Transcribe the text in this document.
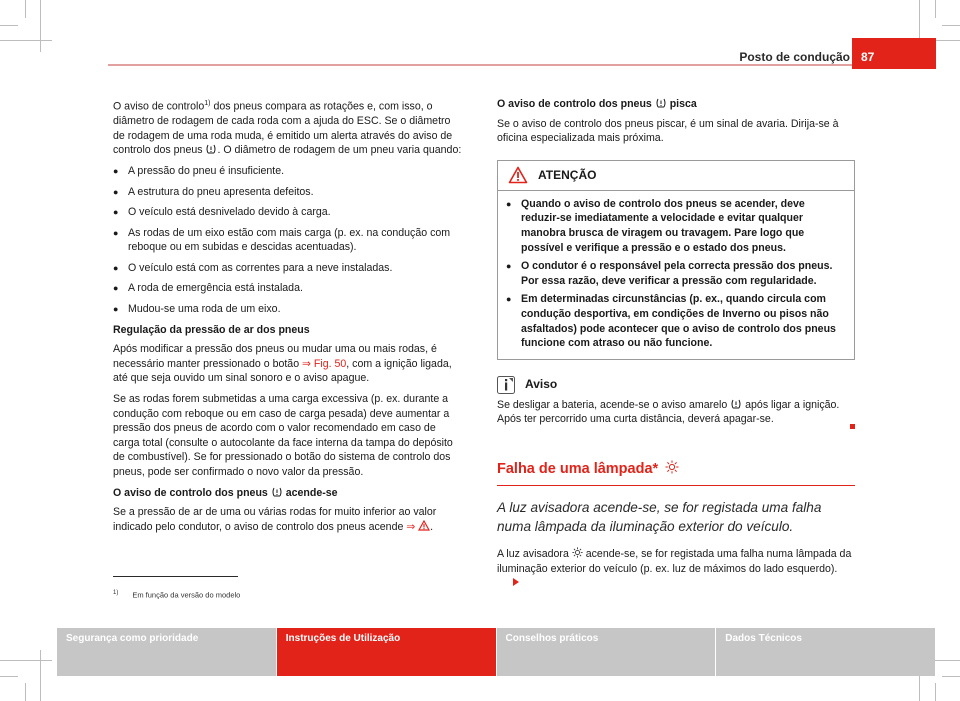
Posto de condução 87

O aviso de controlo$^{1)}$ dos pneus compara as rotações e, com isso, o diâmetro de rodagem de cada roda com a ajuda do ESC. Se o diâmetro de rodagem de uma roda muda, é emitido um alerta através do aviso de controlo dos pneus . O diâmetro de rodagem de um pneu varia quando:

● A pressão do pneu é insuficiente.
● A estrutura do pneu apresenta defeitos.
● O veículo está desnivelado devido à carga.
● As rodas de um eixo estão com mais carga (p. ex. na condução com reboque ou em subidas e descidas acentuadas).
● O veículo está com as correntes para a neve instaladas.
● A roda de emergência está instalada.
● Mudou-se uma roda de um eixo.
Regulação da pressão de ar dos pneus

Após modificar a pressão dos pneus ou mudar uma ou mais rodas, é necessário manter pressionado o botão ⇒ Fig. 50, com a ignição ligada, até que seja ouvido um sinal sonoro e o aviso apague.

Se as rodas forem submetidas a uma carga excessiva (p. ex. durante a condução com reboque ou em caso de carga pesada) deve aumentar a pressão dos pneus de acordo com o valor recomendado em caso de carga total (consulte o autocolante da face interna da tampa do depósito de combustível). Se for pressionado o botão do sistema de controlo dos pneus, pode ser confirmado o novo valor da pressão.

O aviso de controlo dos pneus  acende-se

Se a pressão de ar de uma ou várias rodas for muito inferior ao valor indicado pelo condutor, o aviso de controlo dos pneus acende ⇒ .

O aviso de controlo dos pneus  pisca

Se o aviso de controlo dos pneus piscar, é um sinal de avaria. Dirija-se à oficina especializada mais próxima.

ATENÇÃO
● Quando o aviso de controlo dos pneus se acender, deve reduzir-se imediatamente a velocidade e evitar qualquer manobra brusca de viragem ou travagem. Pare logo que possível e verifique a pressão e o estado dos pneus.
● O condutor é o responsável pela correcta pressão dos pneus. Por essa razão, deve verificar a pressão com regularidade.
● Em determinadas circunstâncias (p. ex., quando circula com condução desportiva, em condições de Inverno ou pisos não asfaltados) pode acontecer que o aviso de controlo dos pneus funcione com atraso ou não funcione.
Aviso

Se desligar a bateria, acende-se o aviso amarelo  após ligar a ignição. Após ter percorrido uma curta distância, deverá apagar-se.

Falha de uma lâmpada*
A luz avisadora acende-se, se for registada uma falha numa lâmpada da iluminação exterior do veículo.

A luz avisadora  acende-se, se for registada uma falha numa lâmpada da iluminação exterior do veículo (p. ex. luz de máximos do lado esquerdo).

$^{1)}$ Em função da versão do modelo
Segurança como prioridade	Instruções de Utilização	Conselhos práticos	Dados Técnicos
